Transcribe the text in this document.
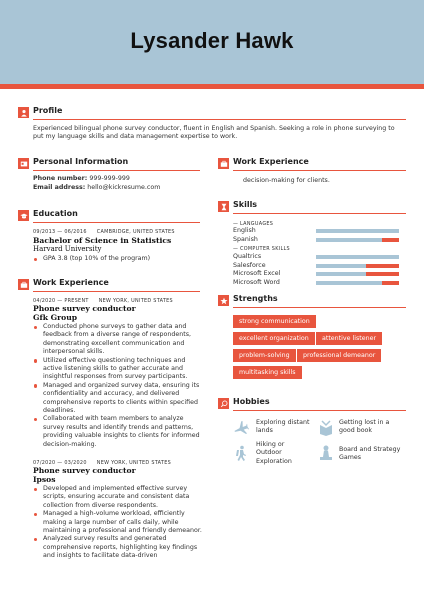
Lysander Hawk
Profile
Experienced bilingual phone survey conductor, fluent in English and Spanish. Seeking a role in phone surveying to put my language skills and data management expertise to work.
Personal Information
Phone number: 999-999-999
Email address: hello@kickresume.com
Education
09/2013 — 06/2016 CAMBRIDGE, UNITED STATES
Bachelor of Science in Statistics
Harvard University
GPA 3.8 (top 10% of the program)
Work Experience
04/2020 — PRESENT NEW YORK, UNITED STATES
Phone survey conductor
Gfk Group
Conducted phone surveys to gather data and feedback from a diverse range of respondents, demonstrating excellent communication and interpersonal skills.
Utilized effective questioning techniques and active listening skills to gather accurate and insightful responses from survey participants.
Managed and organized survey data, ensuring its confidentiality and accuracy, and delivered comprehensive reports to clients within specified deadlines.
Collaborated with team members to analyze survey results and identify trends and patterns, providing valuable insights to clients for informed decision-making.
07/2020 — 03/2020 NEW YORK, UNITED STATES
Phone survey conductor
Ipsos
Developed and implemented effective survey scripts, ensuring accurate and consistent data collection from diverse respondents.
Managed a high-volume workload, efficiently making a large number of calls daily, while maintaining a professional and friendly demeanor.
Analyzed survey results and generated comprehensive reports, highlighting key findings and insights to facilitate data-driven
Work Experience
decision-making for clients.
Skills
— LANGUAGES
English
Spanish
— COMPUTER SKILLS
Qualtrics
Salesforce
Microsoft Excel
Microsoft Word
Strengths
strong communication
excellent organization	attentive listener
problem-solving	professional demeanor
multitasking skills
Hobbies
Exploring distant lands
Getting lost in a good book
Hiking or Outdoor Exploration
Board and Strategy Games
